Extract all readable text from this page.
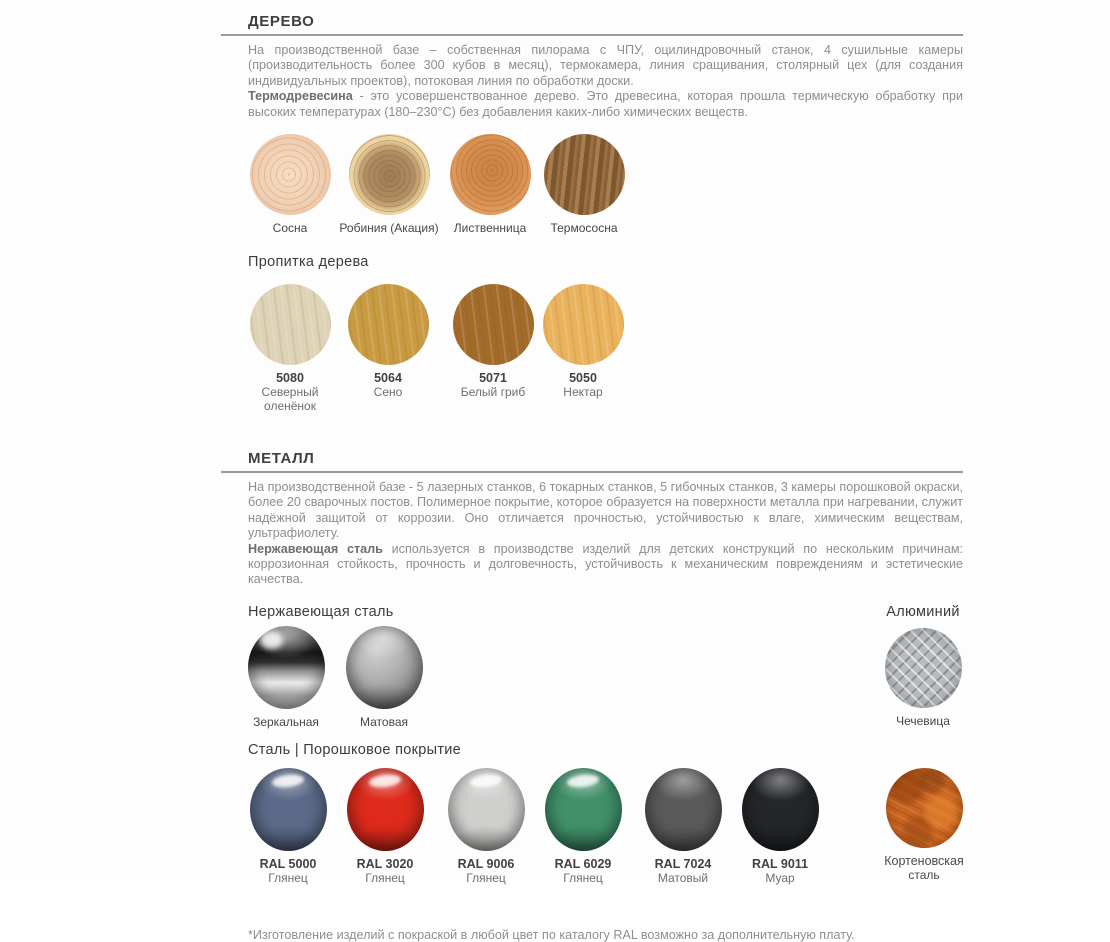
ДЕРЕВО

На производственной базе – собственная пилорама с ЧПУ, оцилиндровочный станок, 4 сушильные камеры (производительность более 300 кубов в месяц), термокамера, линия сращивания, столярный цех (для создания индивидуальных проектов), потоковая линия по обработки доски.

Термодревесина - это усовершенствованное дерево. Это древесина, которая прошла термическую обработку при высоких температурах (180–230°С) без добавления каких-либо химических веществ.

Сосна	Робиния (Акация) Лиственница Термососна
Пропитка дерева
5080
Северный оленёнок
5064
Сено
5071
Белый гриб
5050
Нектар
МЕТАЛЛ

На производственной базе - 5 лазерных станков, 6 токарных станков, 5 гибочных станков, 3 камеры порошковой окраски, более 20 сварочных постов. Полимерное покрытие, которое образуется на поверхности металла при нагревании, служит надёжной защитой от коррозии. Оно отличается прочностью, устойчивостью к влаге, химическим веществам, ультрафиолету.

Нержавеющая сталь используется в производстве изделий для детских конструкций по нескольким причинам: коррозионная стойкость, прочность и долговечность, устойчивость к механическим повреждениям и эстетические качества.

Нержавеющая сталь
Зеркальная	Матовая
Алюминий
Чечевица
Сталь | Порошковое покрытие
RAL 5000
Глянец
RAL 3020
Глянец
RAL 9006
Глянец
RAL 6029
Глянец
RAL 7024
Матовый
RAL 9011
Муар
Кортеновская
сталь
*Изготовление изделий с покраской в любой цвет по каталогу RAL возможно за дополнительную плату.
